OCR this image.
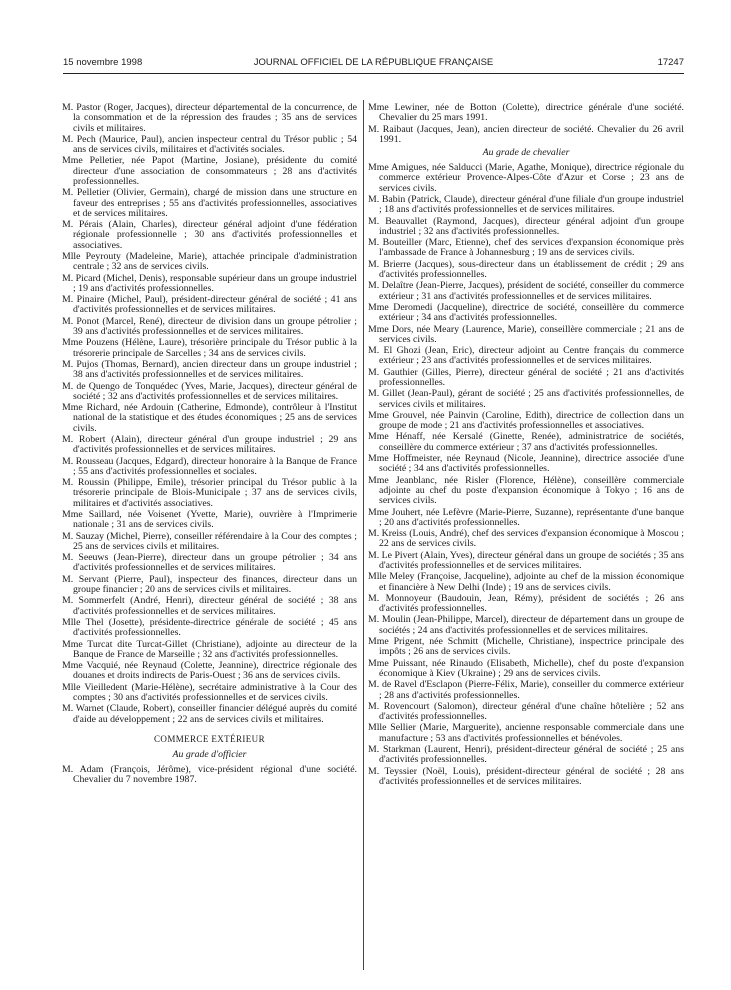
15 novembre 1998	JOURNAL OFFICIEL DE LA RÉPUBLIQUE FRANÇAISE	17247

M. Pastor (Roger, Jacques), directeur départemental de la concurrence, de la consommation et de la répression des fraudes ; 35 ans de services civils et militaires.

M. Pech (Maurice, Paul), ancien inspecteur central du Trésor public ; 54 ans de services civils, militaires et d'activités sociales.

Mme Pelletier, née Papot (Martine, Josiane), présidente du comité directeur d'une association de consommateurs ; 28 ans d'activités professionnelles.

M. Pelletier (Olivier, Germain), chargé de mission dans une structure en faveur des entreprises ; 55 ans d'activités professionnelles, associatives et de services militaires.

M. Pérais (Alain, Charles), directeur général adjoint d'une fédération régionale professionnelle ; 30 ans d'activités professionnelles et associatives.

Mlle Peyrouty (Madeleine, Marie), attachée principale d'administration centrale ; 32 ans de services civils.

M. Picard (Michel, Denis), responsable supérieur dans un groupe industriel ; 19 ans d'activités professionnelles.

M. Pinaire (Michel, Paul), président-directeur général de société ; 41 ans d'activités professionnelles et de services militaires.

M. Ponot (Marcel, René), directeur de division dans un groupe pétrolier ; 39 ans d'activités professionnelles et de services militaires.

Mme Pouzens (Hélène, Laure), trésorière principale du Trésor public à la trésorerie principale de Sarcelles ; 34 ans de services civils.

M. Pujos (Thomas, Bernard), ancien directeur dans un groupe industriel ; 38 ans d'activités professionnelles et de services militaires.

M. de Quengo de Tonquédec (Yves, Marie, Jacques), directeur général de société ; 32 ans d'activités professionnelles et de services militaires.

Mme Richard, née Ardouin (Catherine, Edmonde), contrôleur à l'Institut national de la statistique et des études économiques ; 25 ans de services civils.

M. Robert (Alain), directeur général d'un groupe industriel ; 29 ans d'activités professionnelles et de services militaires.

M. Rousseau (Jacques, Edgard), directeur honoraire à la Banque de France ; 55 ans d'activités professionnelles et sociales.

M. Roussin (Philippe, Emile), trésorier principal du Trésor public à la trésorerie principale de Blois-Municipale ; 37 ans de services civils, militaires et d'activités associatives.

Mme Saillard, née Voisenet (Yvette, Marie), ouvrière à l'Imprimerie nationale ; 31 ans de services civils.

M. Sauzay (Michel, Pierre), conseiller référendaire à la Cour des comptes ; 25 ans de services civils et militaires.

M. Seeuws (Jean-Pierre), directeur dans un groupe pétrolier ; 34 ans d'activités professionnelles et de services militaires.

M. Servant (Pierre, Paul), inspecteur des finances, directeur dans un groupe financier ; 20 ans de services civils et militaires.

M. Sommerfelt (André, Henri), directeur général de société ; 38 ans d'activités professionnelles et de services militaires.

Mlle Thel (Josette), présidente-directrice générale de société ; 45 ans d'activités professionnelles.

Mme Turcat dite Turcat-Gillet (Christiane), adjointe au directeur de la Banque de France de Marseille ; 32 ans d'activités professionnelles.

Mme Vacquié, née Reynaud (Colette, Jeannine), directrice régionale des douanes et droits indirects de Paris-Ouest ; 36 ans de services civils.

Mlle Vieilledent (Marie-Hélène), secrétaire administrative à la Cour des comptes ; 30 ans d'activités professionnelles et de services civils.

M. Warnet (Claude, Robert), conseiller financier délégué auprès du comité d'aide au développement ; 22 ans de services civils et militaires.

COMMERCE EXTÉRIEUR
Au grade d'officier

M. Adam (François, Jérôme), vice-président régional d'une société. Chevalier du 7 novembre 1987.

Mme Lewiner, née de Botton (Colette), directrice générale d'une société. Chevalier du 25 mars 1991.

M. Raibaut (Jacques, Jean), ancien directeur de société. Chevalier du 26 avril 1991.

Au grade de chevalier

Mme Amigues, née Salducci (Marie, Agathe, Monique), directrice régionale du commerce extérieur Provence-Alpes-Côte d'Azur et Corse ; 23 ans de services civils.

M. Babin (Patrick, Claude), directeur général d'une filiale d'un groupe industriel ; 18 ans d'activités professionnelles et de services militaires.

M. Beauvallet (Raymond, Jacques), directeur général adjoint d'un groupe industriel ; 32 ans d'activités professionnelles.

M. Bouteiller (Marc, Etienne), chef des services d'expansion économique près l'ambassade de France à Johannesburg ; 19 ans de services civils.

M. Brierre (Jacques), sous-directeur dans un établissement de crédit ; 29 ans d'activités professionnelles.

M. Delaître (Jean-Pierre, Jacques), président de société, conseiller du commerce extérieur ; 31 ans d'activités professionnelles et de services militaires.

Mme Deromedi (Jacqueline), directrice de société, conseillère du commerce extérieur ; 34 ans d'activités professionnelles.

Mme Dors, née Meary (Laurence, Marie), conseillère commerciale ; 21 ans de services civils.

M. El Ghozi (Jean, Eric), directeur adjoint au Centre français du commerce extérieur ; 23 ans d'activités professionnelles et de services militaires.

M. Gauthier (Gilles, Pierre), directeur général de société ; 21 ans d'activités professionnelles.

M. Gillet (Jean-Paul), gérant de société ; 25 ans d'activités professionnelles, de services civils et militaires.

Mme Grouvel, née Painvin (Caroline, Edith), directrice de collection dans un groupe de mode ; 21 ans d'activités professionnelles et associatives.

Mme Hénaff, née Kersalé (Ginette, Renée), administratrice de sociétés, conseillère du commerce extérieur ; 37 ans d'activités professionnelles.

Mme Hoffmeister, née Reynaud (Nicole, Jeannine), directrice associée d'une société ; 34 ans d'activités professionnelles.

Mme Jeanblanc, née Risler (Florence, Hélène), conseillère commerciale adjointe au chef du poste d'expansion économique à Tokyo ; 16 ans de services civils.

Mme Jouhert, née Lefèvre (Marie-Pierre, Suzanne), représentante d'une banque ; 20 ans d'activités professionnelles.

M. Kreiss (Louis, André), chef des services d'expansion économique à Moscou ; 22 ans de services civils.

M. Le Pivert (Alain, Yves), directeur général dans un groupe de sociétés ; 35 ans d'activités professionnelles et de services militaires.

Mlle Meley (Françoise, Jacqueline), adjointe au chef de la mission économique et financière à New Delhi (Inde) ; 19 ans de services civils.

M. Monnoyeur (Baudouin, Jean, Rémy), président de sociétés ; 26 ans d'activités professionnelles.

M. Moulin (Jean-Philippe, Marcel), directeur de département dans un groupe de sociétés ; 24 ans d'activités professionnelles et de services militaires.

Mme Prigent, née Schmitt (Michelle, Christiane), inspectrice principale des impôts ; 26 ans de services civils.

Mme Puissant, née Rinaudo (Elisabeth, Michelle), chef du poste d'expansion économique à Kiev (Ukraine) ; 29 ans de services civils.

M. de Ravel d'Esclapon (Pierre-Félix, Marie), conseiller du commerce extérieur ; 28 ans d'activités professionnelles.

M. Rovencourt (Salomon), directeur général d'une chaîne hôtelière ; 52 ans d'activités professionnelles.

Mlle Sellier (Marie, Marguerite), ancienne responsable commerciale dans une manufacture ; 53 ans d'activités professionnelles et bénévoles.

M. Starkman (Laurent, Henri), président-directeur général de société ; 25 ans d'activités professionnelles.

M. Teyssier (Noël, Louis), président-directeur général de société ; 28 ans d'activités professionnelles et de services militaires.
